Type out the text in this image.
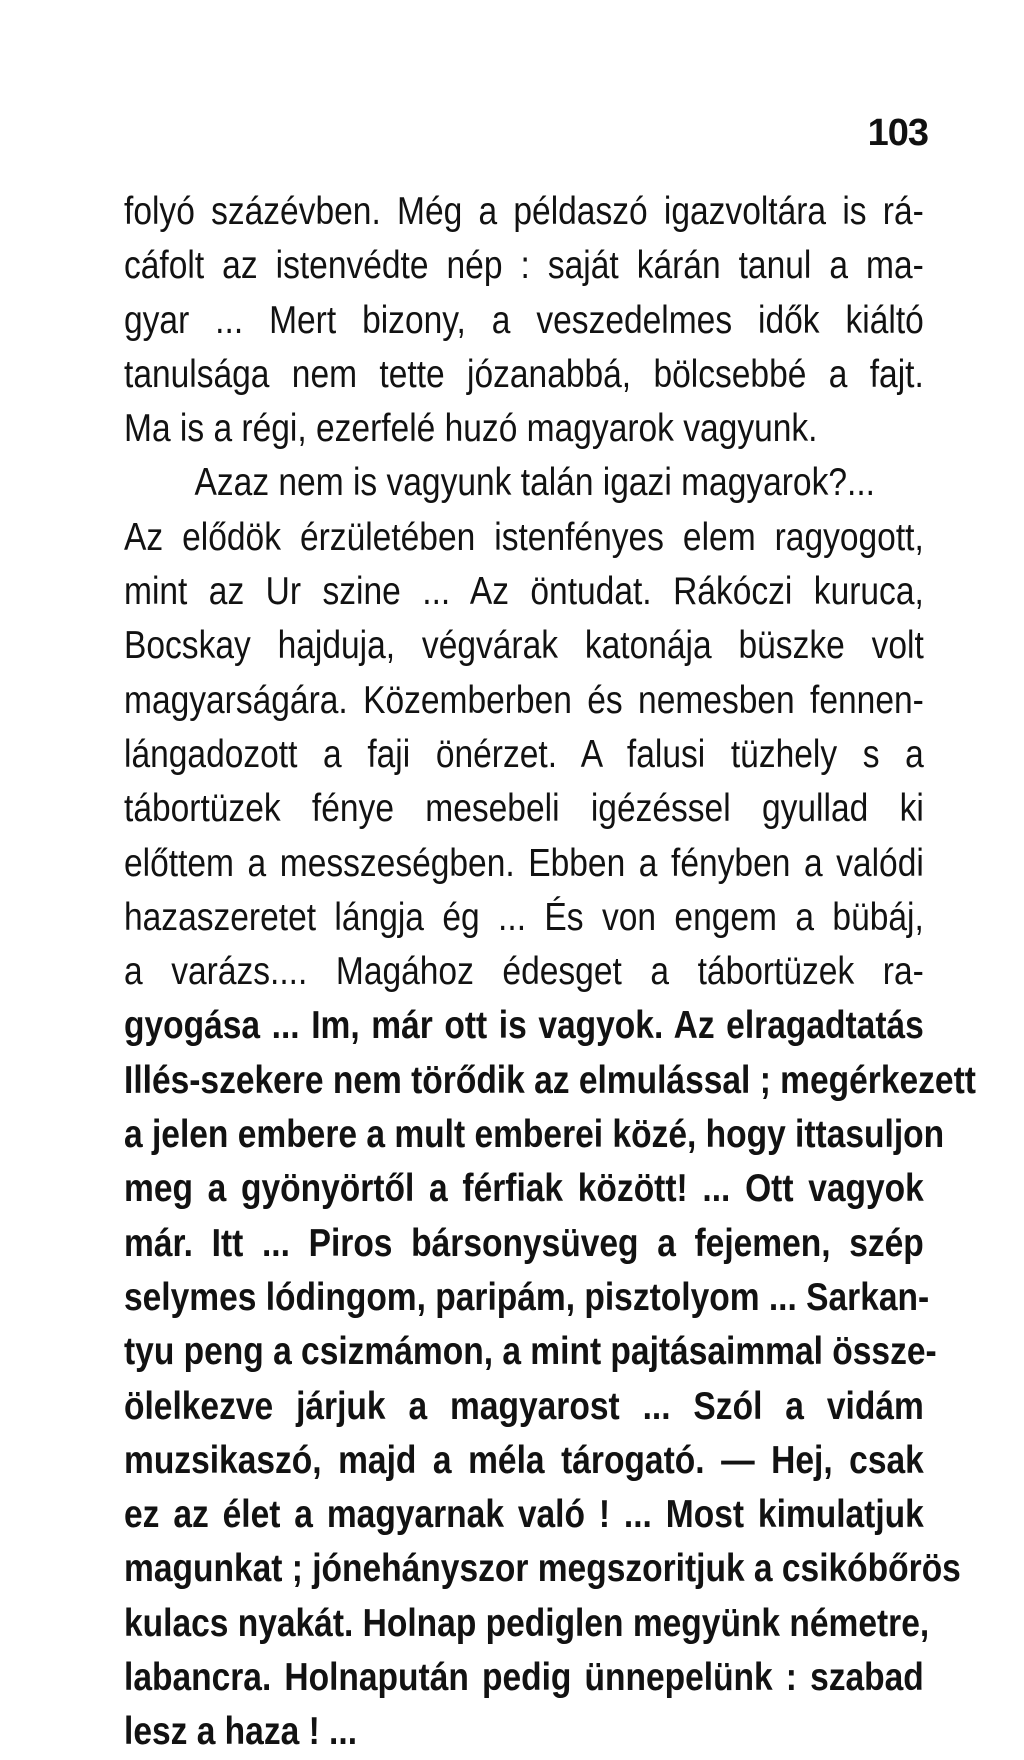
103
folyó százévben. Még a példaszó igazvoltára is rá-
cáfolt az istenvédte nép : saját kárán tanul a ma-
gyar ... Mert bizony, a veszedelmes idők kiáltó
tanulsága nem tette józanabbá, bölcsebbé a fajt.
Ma is a régi, ezerfelé huzó magyarok vagyunk.
Azaz nem is vagyunk talán igazi magyarok?...
Az elődök érzületében istenfényes elem ragyogott,
mint az Ur szine ... Az öntudat. Rákóczi kuruca,
Bocskay hajduja, végvárak katonája büszke volt
magyarságára. Közemberben és nemesben fennen-
lángadozott a faji önérzet. A falusi tüzhely s a
tábortüzek fénye mesebeli igézéssel gyullad ki
előttem a messzeségben. Ebben a fényben a valódi
hazaszeretet lángja ég ... És von engem a bübáj,
a varázs.... Magához édesget a tábortüzek ra-
gyogása ... Im, már ott is vagyok. Az elragadtatás
Illés-szekere nem törődik az elmulással ; megérkezett
a jelen embere a mult emberei közé, hogy ittasuljon
meg a gyönyörtől a férfiak között! ... Ott vagyok
már. Itt ... Piros bársonysüveg a fejemen, szép
selymes lódingom, paripám, pisztolyom ... Sarkan-
tyu peng a csizmámon, a mint pajtásaimmal össze-
ölelkezve járjuk a magyarost ... Szól a vidám
muzsikaszó, majd a méla tárogató. — Hej, csak
ez az élet a magyarnak való ! ... Most kimulatjuk
magunkat ; jónehányszor megszoritjuk a csikóbőrös
kulacs nyakát. Holnap pediglen megyünk németre,
labancra. Holnapután pedig ünnepelünk : szabad
lesz a haza ! ...
